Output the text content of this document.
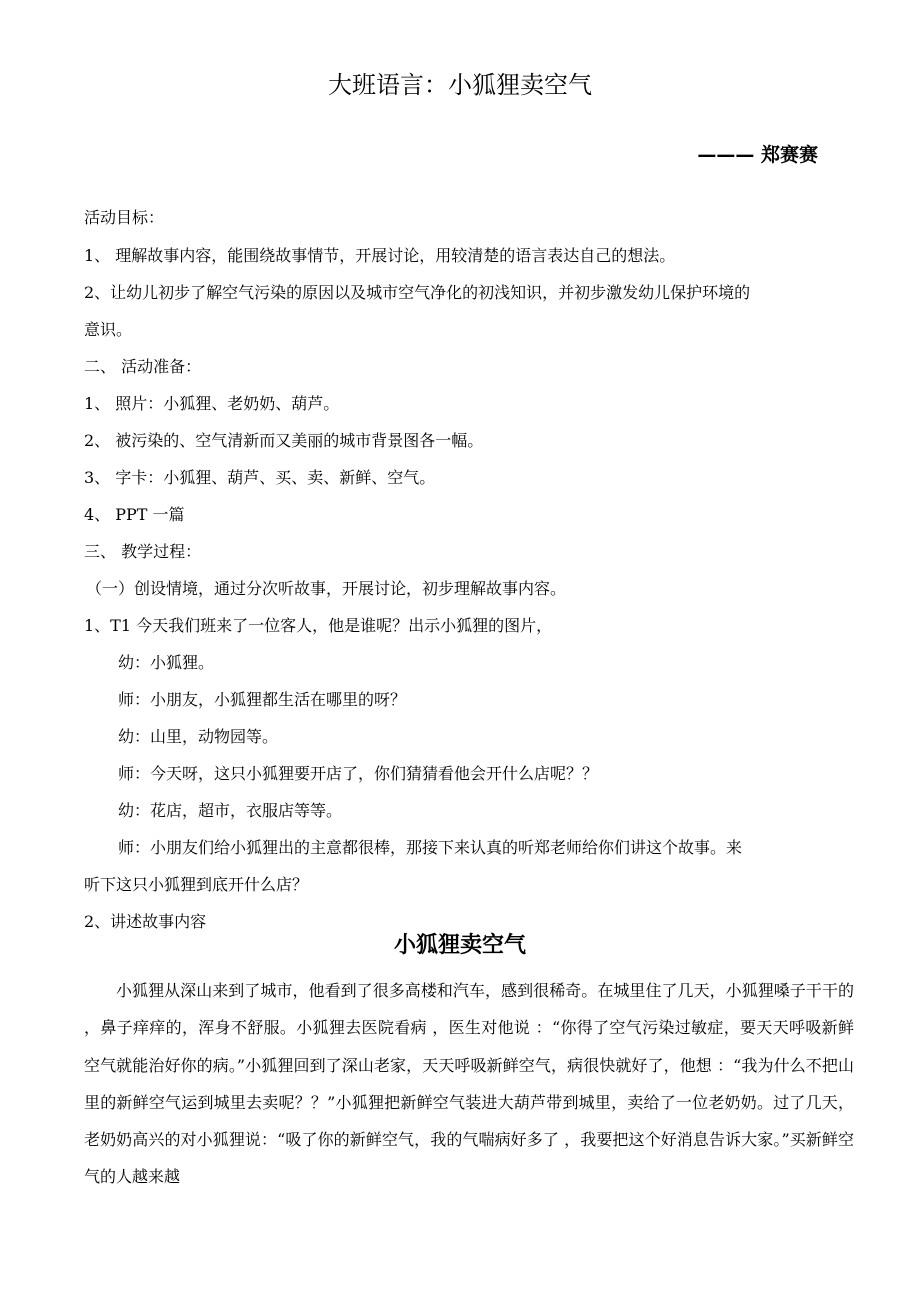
大班语言：小狐狸卖空气
——— 郑赛赛
活动目标：
1、 理解故事内容，能围绕故事情节，开展讨论，用较清楚的语言表达自己的想法。
2、让幼儿初步了解空气污染的原因以及城市空气净化的初浅知识，并初步激发幼儿保护环境的
意识。
二、 活动准备：
1、 照片：小狐狸、老奶奶、葫芦。
2、 被污染的、空气清新而又美丽的城市背景图各一幅。
3、 字卡：小狐狸、葫芦、买、卖、新鲜、空气。
4、 PPT 一篇
三、 教学过程：
（一）创设情境，通过分次听故事，开展讨论，初步理解故事内容。
1、T1 今天我们班来了一位客人，他是谁呢？出示小狐狸的图片，
幼：小狐狸。
师：小朋友，小狐狸都生活在哪里的呀？
幼：山里，动物园等。
师：今天呀，这只小狐狸要开店了，你们猜猜看他会开什么店呢？？
幼：花店，超市，衣服店等等。
师：小朋友们给小狐狸出的主意都很棒，那接下来认真的听郑老师给你们讲这个故事。来
听下这只小狐狸到底开什么店？
2、讲述故事内容
小狐狸卖空气

小狐狸从深山来到了城市，他看到了很多高楼和汽车，感到很稀奇。在城里住了几天，小狐狸嗓子干干的 ，鼻子痒痒的，浑身不舒服。小狐狸去医院看病 ，医生对他说 ：“你得了空气污染过敏症，要天天呼吸新鲜空气就能治好你的病。”小狐狸回到了深山老家，天天呼吸新鲜空气，病很快就好了，他想 ：“我为什么不把山里的新鲜空气运到城里去卖呢？？”小狐狸把新鲜空气装进大葫芦带到城里，卖给了一位老奶奶。过了几天，老奶奶高兴的对小狐狸说：“吸了你的新鲜空气，我的气喘病好多了 ，我要把这个好消息告诉大家。”买新鲜空气的人越来越
